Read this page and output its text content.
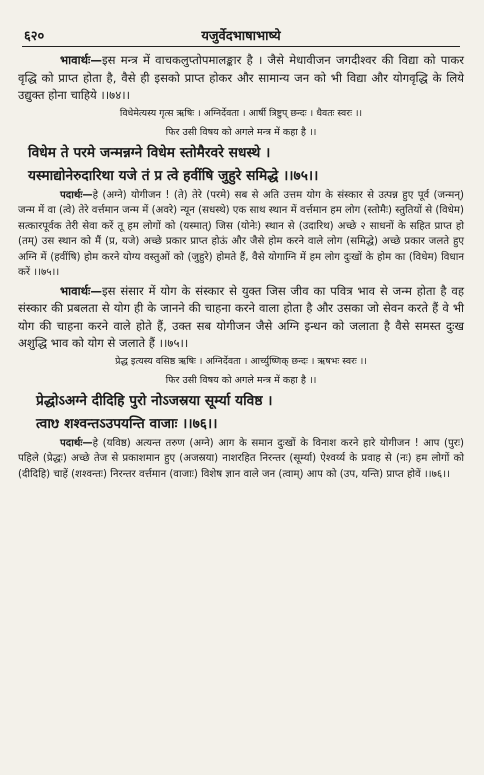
६२०	यजुर्वेदभाषाभाष्ये

भावार्थः—इस मन्त्र में वाचकलुप्तोपमालङ्कार है । जैसे मेधावीजन जगदीश्वर की विद्या को पाकर वृद्धि को प्राप्त होता है, वैसे ही इसको प्राप्त होकर और सामान्य जन को भी विद्या और योगवृद्धि के लिये उद्युक्त होना चाहिये ।।७४।।

विधेमेत्यस्य गृत्स ऋषिः । अग्निर्देवता । आर्षी त्रिष्टुप् छन्दः । धैवतः स्वरः ।।

फिर उसी विषय को अगले मन्त्र में कहा है ।।

विधेम ते परमे जन्मन्नग्ने विधेम स्तोमैरवरे सधस्थे ।

यस्माद्योनेरुदारिथा यजे तं प्र त्वे हवींषि जुहुरे समिद्धे ।।७५।।

पदार्थः—हे (अग्ने) योगीजन ! (ते) तेरे (परमे) सब से अति उत्तम योग के संस्कार से उत्पन्न हुए पूर्व (जन्मन्) जन्म में वा (त्वे) तेरे वर्त्तमान जन्म में (अवरे) न्यून (सधस्थे) एक साथ स्थान में वर्त्तमान हम लोग (स्तोमैः) स्तुतियों से (विधेम) सत्कारपूर्वक तेरी सेवा करें तू हम लोगों को (यस्मात्) जिस (योनेः) स्थान से (उदारिथ) अच्छे २ साधनों के सहित प्राप्त हो (तम्) उस स्थान को मैं (प्र, यजे) अच्छे प्रकार प्राप्त होऊं और जैसे होम करने वाले लोग (समिद्धे) अच्छे प्रकार जलते हुए अग्नि में (हवींषि) होम करने योग्य वस्तुओं को (जुहुरे) होमते हैं, वैसे योगाग्नि में हम लोग दुःखों के होम का (विधेम) विधान करें ।।७५।।

भावार्थः—इस संसार में योग के संस्कार से युक्त जिस जीव का पवित्र भाव से जन्म होता है वह संस्कार की प्रबलता से योग ही के जानने की चाहना करने वाला होता है और उसका जो सेवन करते हैं वे भी योग की चाहना करने वाले होते हैं, उक्त सब योगीजन जैसे अग्नि इन्धन को जलाता है वैसे समस्त दुःख अशुद्धि भाव को योग से जलाते हैं ।।७५।।

प्रेद्ध इत्यस्य वसिष्ठ ऋषिः । अग्निर्देवता । आर्च्युष्णिक् छन्दः । ऋषभः स्वरः ।।

फिर उसी विषय को अगले मन्त्र में कहा है ।।

प्रेद्धोऽअग्ने दीदिहि पुरो नोऽजस्रया सूर्म्या यविष्ठ ।

त्वाᳪ शश्वन्तऽउपयन्ति वाजाः ।।७६।।

पदार्थः—हे (यविष्ठ) अत्यन्त तरुण (अग्ने) आग के समान दुःखों के विनाश करने हारे योगीजन ! आप (पुरः) पहिले (प्रेद्धः) अच्छे तेज से प्रकाशमान हुए (अजस्रया) नाशरहित निरन्तर (सूर्म्या) ऐश्वर्य्य के प्रवाह से (नः) हम लोगों को (दीदिहि) चाहें (शश्वन्तः) निरन्तर वर्त्तमान (वाजाः) विशेष ज्ञान वाले जन (त्वाम्) आप को (उप, यन्ति) प्राप्त होवें ।।७६।।
